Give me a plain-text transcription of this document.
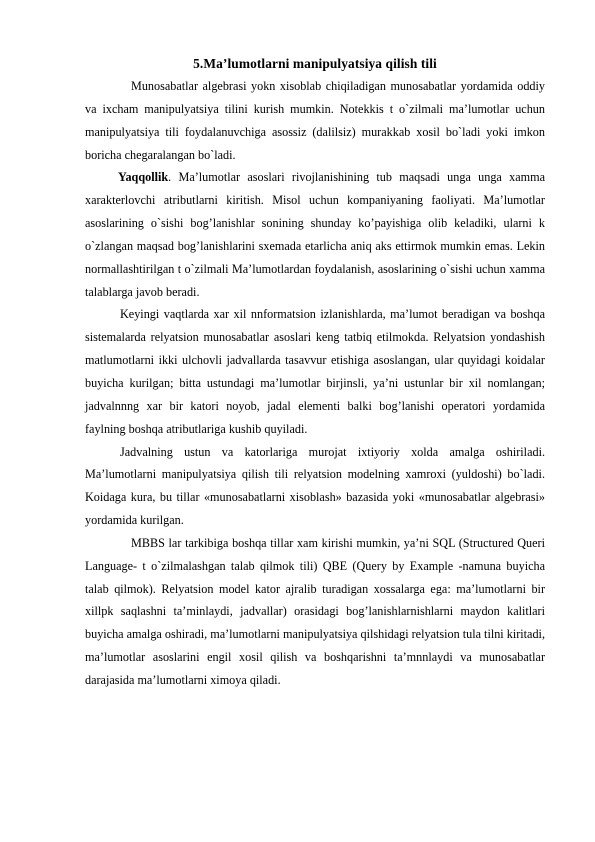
5.Ma’lumotlarni manipulyatsiya qilish tili

Munosabatlar algebrasi yokn xisoblab chiqiladigan munosabatlar yordamida oddiy va ixcham manipulyatsiya tilini kurish mumkin. Notekkis t o`zilmali ma’lumotlar uchun manipulyatsiya tili foydalanuvchiga asossiz (dalilsiz) murakkab xosil bo`ladi yoki imkon boricha chegaralangan bo`ladi.

Yaqqollik. Ma’lumotlar asoslari rivojlanishining tub maqsadi unga unga xamma xarakterlovchi atributlarni kiritish. Misol uchun kompaniyaning faoliyati. Ma’lumotlar asoslarining o`sishi bog’lanishlar sonining shunday ko’payishiga olib keladiki, ularni k o`zlangan maqsad bog’lanishlarini sxemada etarlicha aniq aks ettirmok mumkin emas. Lekin normallashtirilgan t o`zilmali Ma’lumotlardan foydalanish, asoslarining o`sishi uchun xamma talablarga javob beradi.

Keyingi vaqtlarda xar xil nnformatsion izlanishlarda, ma’lumot beradigan va boshqa sistemalarda relyatsion munosabatlar asoslari keng tatbiq etilmokda. Relyatsion yondashish matlumotlarni ikki ulchovli jadvallarda tasavvur etishiga asoslangan, ular quyidagi koidalar buyicha kurilgan; bitta ustundagi ma’lumotlar birjinsli, ya’ni ustunlar bir xil nomlangan; jadvalnnng xar bir katori noyob, jadal elementi balki bog’lanishi operatori yordamida faylning boshqa atributlariga kushib quyiladi.

Jadvalning ustun va katorlariga murojat ixtiyoriy xolda amalga oshiriladi. Ma’lumotlarni manipulyatsiya qilish tili relyatsion modelning xamroxi (yuldoshi) bo`ladi. Koidaga kura, bu tillar «munosabatlarni xisoblash» bazasida yoki «munosabatlar algebrasi» yordamida kurilgan.

MBBS lar tarkibiga boshqa tillar xam kirishi mumkin, ya’ni SQL (Structured Queri Language- t o`zilmalashgan talab qilmok tili) QBE (Query by Example -namuna buyicha talab qilmok). Relyatsion model kator ajralib turadigan xossalarga ega: ma’lumotlarni bir xillpk saqlashni ta’minlaydi, jadvallar) orasidagi bog’lanishlarnishlarni maydon kalitlari buyicha amalga oshiradi, ma’lumotlarni manipulyatsiya qilshidagi relyatsion tula tilni kiritadi, ma’lumotlar asoslarini engil xosil qilish va boshqarishni ta’mnnlaydi va munosabatlar darajasida ma’lumotlarni ximoya qiladi.
